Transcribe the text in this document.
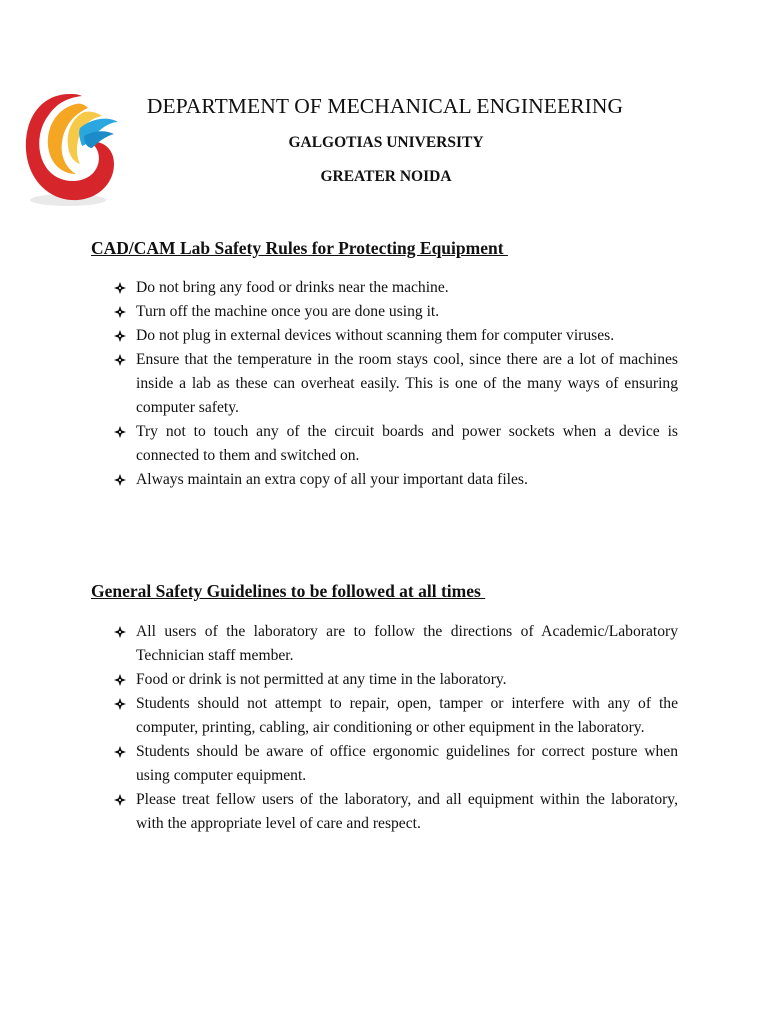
DEPARTMENT OF MECHANICAL ENGINEERING
GALGOTIAS UNIVERSITY
GREATER NOIDA
CAD/CAM Lab Safety Rules for Protecting Equipment
Do not bring any food or drinks near the machine.
Turn off the machine once you are done using it.
Do not plug in external devices without scanning them for computer viruses.
Ensure that the temperature in the room stays cool, since there are a lot of machines inside a lab as these can overheat easily. This is one of the many ways of ensuring computer safety.
Try not to touch any of the circuit boards and power sockets when a device is connected to them and switched on.
Always maintain an extra copy of all your important data files.
General Safety Guidelines to be followed at all times
All users of the laboratory are to follow the directions of Academic/Laboratory Technician staff member.
Food or drink is not permitted at any time in the laboratory.
Students should not attempt to repair, open, tamper or interfere with any of the computer, printing, cabling, air conditioning or other equipment in the laboratory.
Students should be aware of office ergonomic guidelines for correct posture when using computer equipment.
Please treat fellow users of the laboratory, and all equipment within the laboratory, with the appropriate level of care and respect.
